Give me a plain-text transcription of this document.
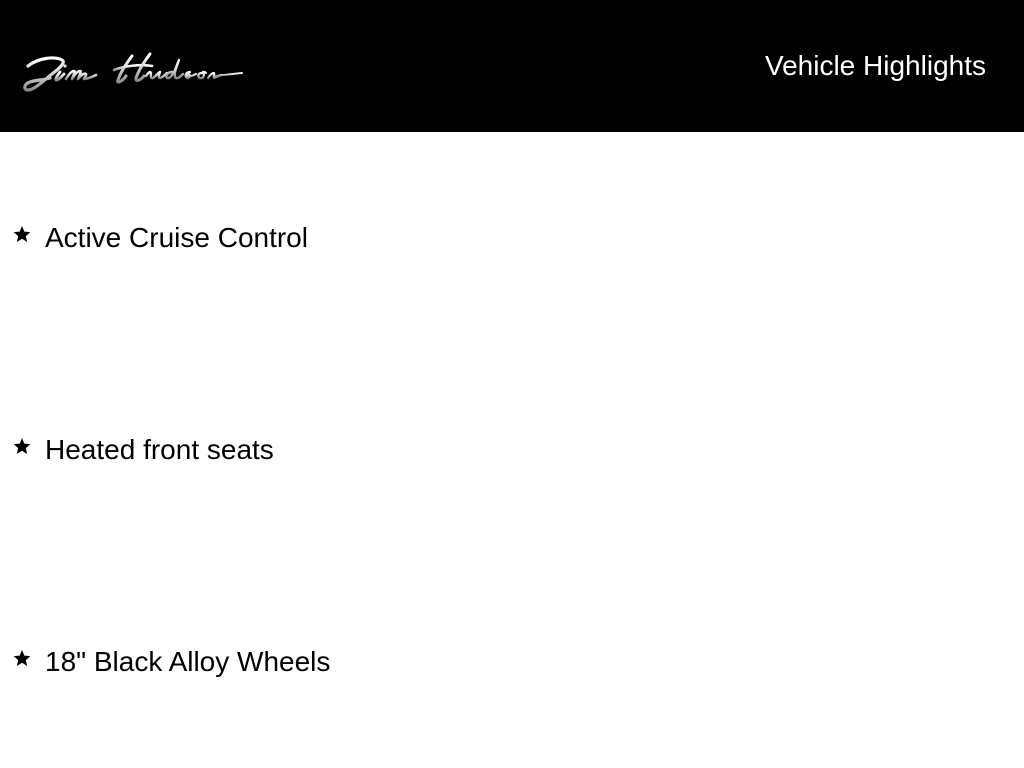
Vehicle Highlights
Active Cruise Control
Heated front seats
18" Black Alloy Wheels
